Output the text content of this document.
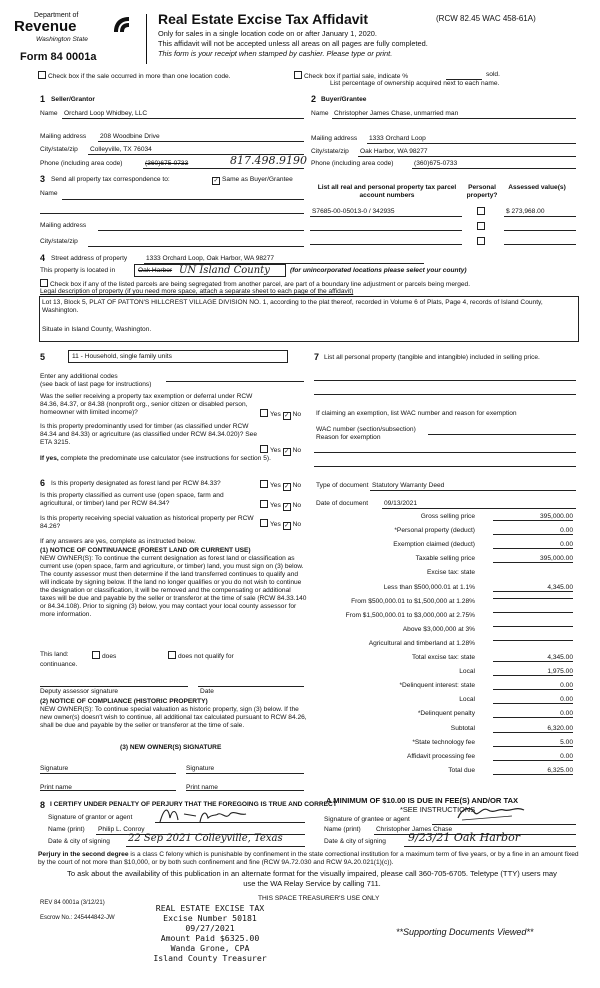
Department of
Revenue
Washington State
Form 84 0001a
Real Estate Excise Tax Affidavit	(RCW 82.45 WAC 458-61A)
Only for sales in a single location code on or after January 1, 2020.
This affidavit will not be accepted unless all areas on all pages are fully completed.
This form is your receipt when stamped by cashier. Please type or print.
Check box if the sale occurred in more than one location code.	Check box if partial sale, indicate %	sold.
List percentage of ownership acquired next to each name.
1 Seller/Grantor
Name Orchard Loop Whidbey, LLC
Mailing address 208 Woodbine Drive
City/state/zip Colleyville, TX 76034
Phone (including area code)	(360)675-0733	817.498.9190
2 Buyer/Grantee
Name Christopher James Chase, unmarried man
Mailing address 1333 Orchard Loop
City/state/zip Oak Harbor, WA 98277
Phone (including area code)	(360)675-0733
3 Send all property tax correspondence to:	✓ Same as Buyer/Grantee
Name
Mailing address
City/state/zip
List all real and personal property tax parcel account numbers
Personal property?
Assessed value(s)
S7685-00-05013-0 / 342935	$ 273,968.00
4 Street address of property	1333 Orchard Loop, Oak Harbor, WA 98277
This property is located in	Oak Harbor UN Island County	(for unincorporated locations please select your county)
Check box if any of the listed parcels are being segregated from another parcel, are part of a boundary line adjustment or parcels being merged.
Legal description of property (if you need more space, attach a separate sheet to each page of the affidavit)
Lot 13, Block 5, PLAT OF PATTON'S HILLCREST VILLAGE DIVISION NO. 1, according to the plat thereof, recorded in Volume 6 of Plats, Page 4, records of Island County, Washington.
Situate in Island County, Washington.
5	11 - Household, single family units
Enter any additional codes
(see back of last page for instructions)
Was the seller receiving a property tax exemption or deferral under RCW 84.36, 84.37, or 84.38 (nonprofit org., senior citizen or disabled person, homeowner with limited income)?	Yes ✓ No
Is this property predominantly used for timber (as classified under RCW 84.34 and 84.33) or agriculture (as classified under RCW 84.34.020)? See ETA 3215.
Yes ✓ No
If yes, complete the predominate use calculator (see instructions for section 5).
6 Is this property designated as forest land per RCW 84.33?	Yes ✓ No
Is this property classified as current use (open space, farm and agricultural, or timber) land per RCW 84.34?	Yes ✓ No
Is this property receiving special valuation as historical property per RCW 84.26?	Yes ✓ No
If any answers are yes, complete as instructed below.
(1) NOTICE OF CONTINUANCE (FOREST LAND OR CURRENT USE)
NEW OWNER(S): To continue the current designation as forest land or classification as current use (open space, farm and agriculture, or timber) land, you must sign on (3) below. The county assessor must then determine if the land transferred continues to qualify and will indicate by signing below. If the land no longer qualifies or you do not wish to continue the designation or classification, it will be removed and the compensating or additional taxes will be due and payable by the seller or transferor at the time of sale (RCW 84.33.140 or 84.34.108). Prior to signing (3) below, you may contact your local county assessor for more information.
This land:	does	does not qualify for
continuance.
Deputy assessor signature	Date
(2) NOTICE OF COMPLIANCE (HISTORIC PROPERTY)
NEW OWNER(S): To continue special valuation as historic property, sign (3) below. If the new owner(s) doesn't wish to continue, all additional tax calculated pursuant to RCW 84.26, shall be due and payable by the seller or transferor at the time of sale.
(3) NEW OWNER(S) SIGNATURE
Signature	Signature
Print name	Print name
7 List all personal property (tangible and intangible) included in selling price.
If claiming an exemption, list WAC number and reason for exemption
WAC number (section/subsection)
Reason for exemption
Type of document Statutory Warranty Deed
Date of document 09/13/2021
Gross selling price	395,000.00
*Personal property (deduct)	0.00
Exemption claimed (deduct)	0.00
Taxable selling price	395,000.00
Excise tax: state
Less than $500,000.01 at 1.1%	4,345.00
From $500,000.01 to $1,500,000 at 1.28%
From $1,500,000.01 to $3,000,000 at 2.75%
Above $3,000,000 at 3%
Agricultural and timberland at 1.28%
Total excise tax: state	4,345.00
Local	1,975.00
*Delinquent interest: state	0.00
Local	0.00
*Delinquent penalty	0.00
Subtotal	6,320.00
*State technology fee	5.00
Affidavit processing fee	0.00
Total due	6,325.00
A MINIMUM OF $10.00 IS DUE IN FEE(S) AND/OR TAX
*SEE INSTRUCTIONS
8 I CERTIFY UNDER PENALTY OF PERJURY THAT THE FOREGOING IS TRUE AND CORRECT
Signature of grantor or agent
Name (print) Philip L. Conroy
Date & city of signing 22 Sep 2021 Colleyville, Texas
Signature of grantee or agent
Name (print) Christopher James Chase
Date & city of signing 9/23/21 Oak Harbor
Perjury in the second degree is a class C felony which is punishable by confinement in the state correctional institution for a maximum term of five years, or by a fine in an amount fixed by the court of not more than $10,000, or by both such confinement and fine (RCW 9A.72.030 and RCW 9A.20.021(1)(c)).
To ask about the availability of this publication in an alternate format for the visually impaired, please call 360-705-6705. Teletype (TTY) users may use the WA Relay Service by calling 711.
REV 84 0001a (3/12/21)
Escrow No.: 245444842-JW
THIS SPACE TREASURER'S USE ONLY
REAL ESTATE EXCISE TAX
Excise Number 50181
09/27/2021
Amount Paid $6325.00
Wanda Grone, CPA
Island County Treasurer
**Supporting Documents Viewed**
